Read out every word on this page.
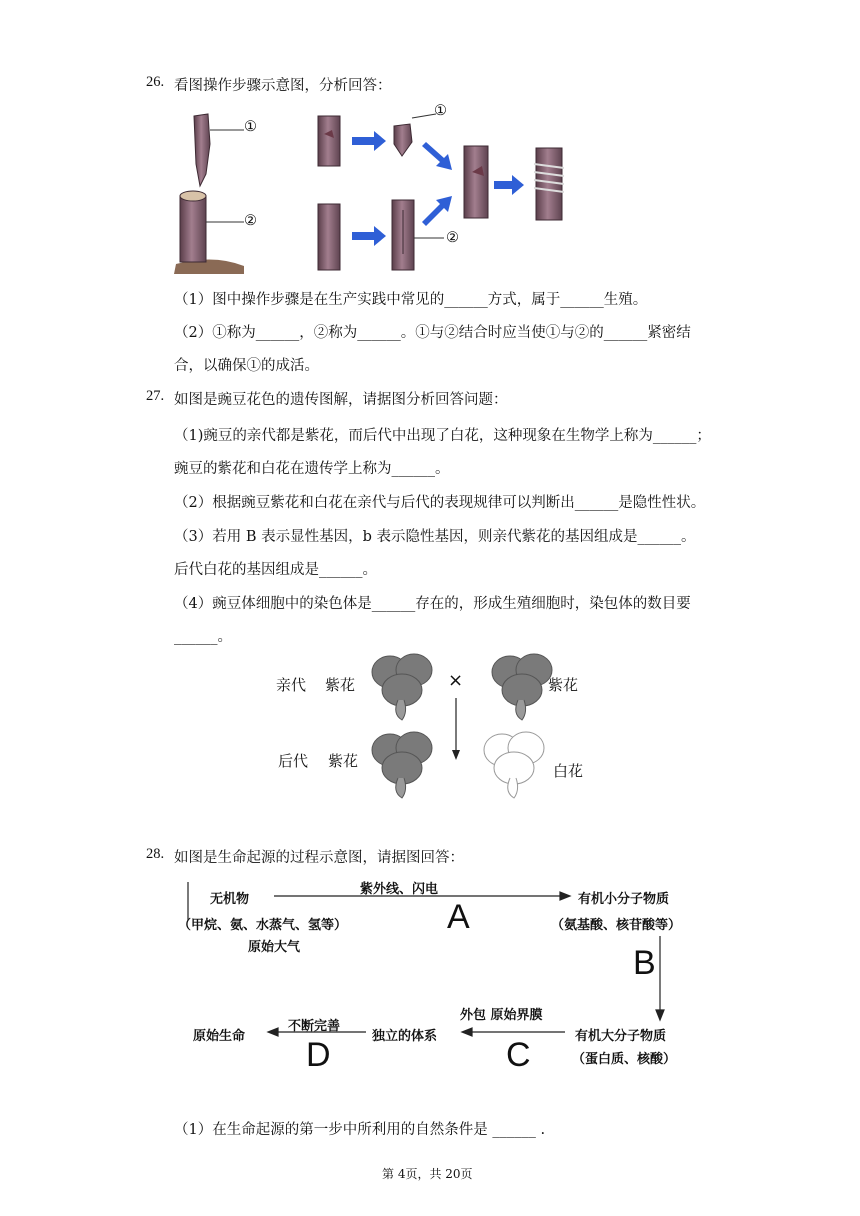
26. 看图操作步骤示意图，分析回答：
①
②
①
②
（1）图中操作步骤是在生产实践中常见的______方式，属于______生殖。
（2）①称为______，②称为______。①与②结合时应当使①与②的______紧密结
合，以确保①的成活。
27. 如图是豌豆花色的遗传图解，请据图分析回答问题：
（1)豌豆的亲代都是紫花，而后代中出现了白花，这种现象在生物学上称为______；
豌豆的紫花和白花在遗传学上称为______。
（2）根据豌豆紫花和白花在亲代与后代的表现规律可以判断出______是隐性性状。
（3）若用 B 表示显性基因，b 表示隐性基因，则亲代紫花的基因组成是______。
后代白花的基因组成是______。
（4）豌豆体细胞中的染色体是______存在的，形成生殖细胞时，染包体的数目要
______。
亲代 紫花	×	紫花
后代 紫花
白花
28. 如图是生命起源的过程示意图，请据图回答：
无机物
紫外线、闪电
（甲烷、氨、水蒸气、氢等）
原始大气
A	有机小分子物质
（氨基酸、核苷酸等）
B
有机大分子物质
（蛋白质、核酸）
外包 原始界膜
C
独立的体系
不断完善
D
原始生命
（1）在生命起源的第一步中所利用的自然条件是 ______ .
第 4页，共 20页
